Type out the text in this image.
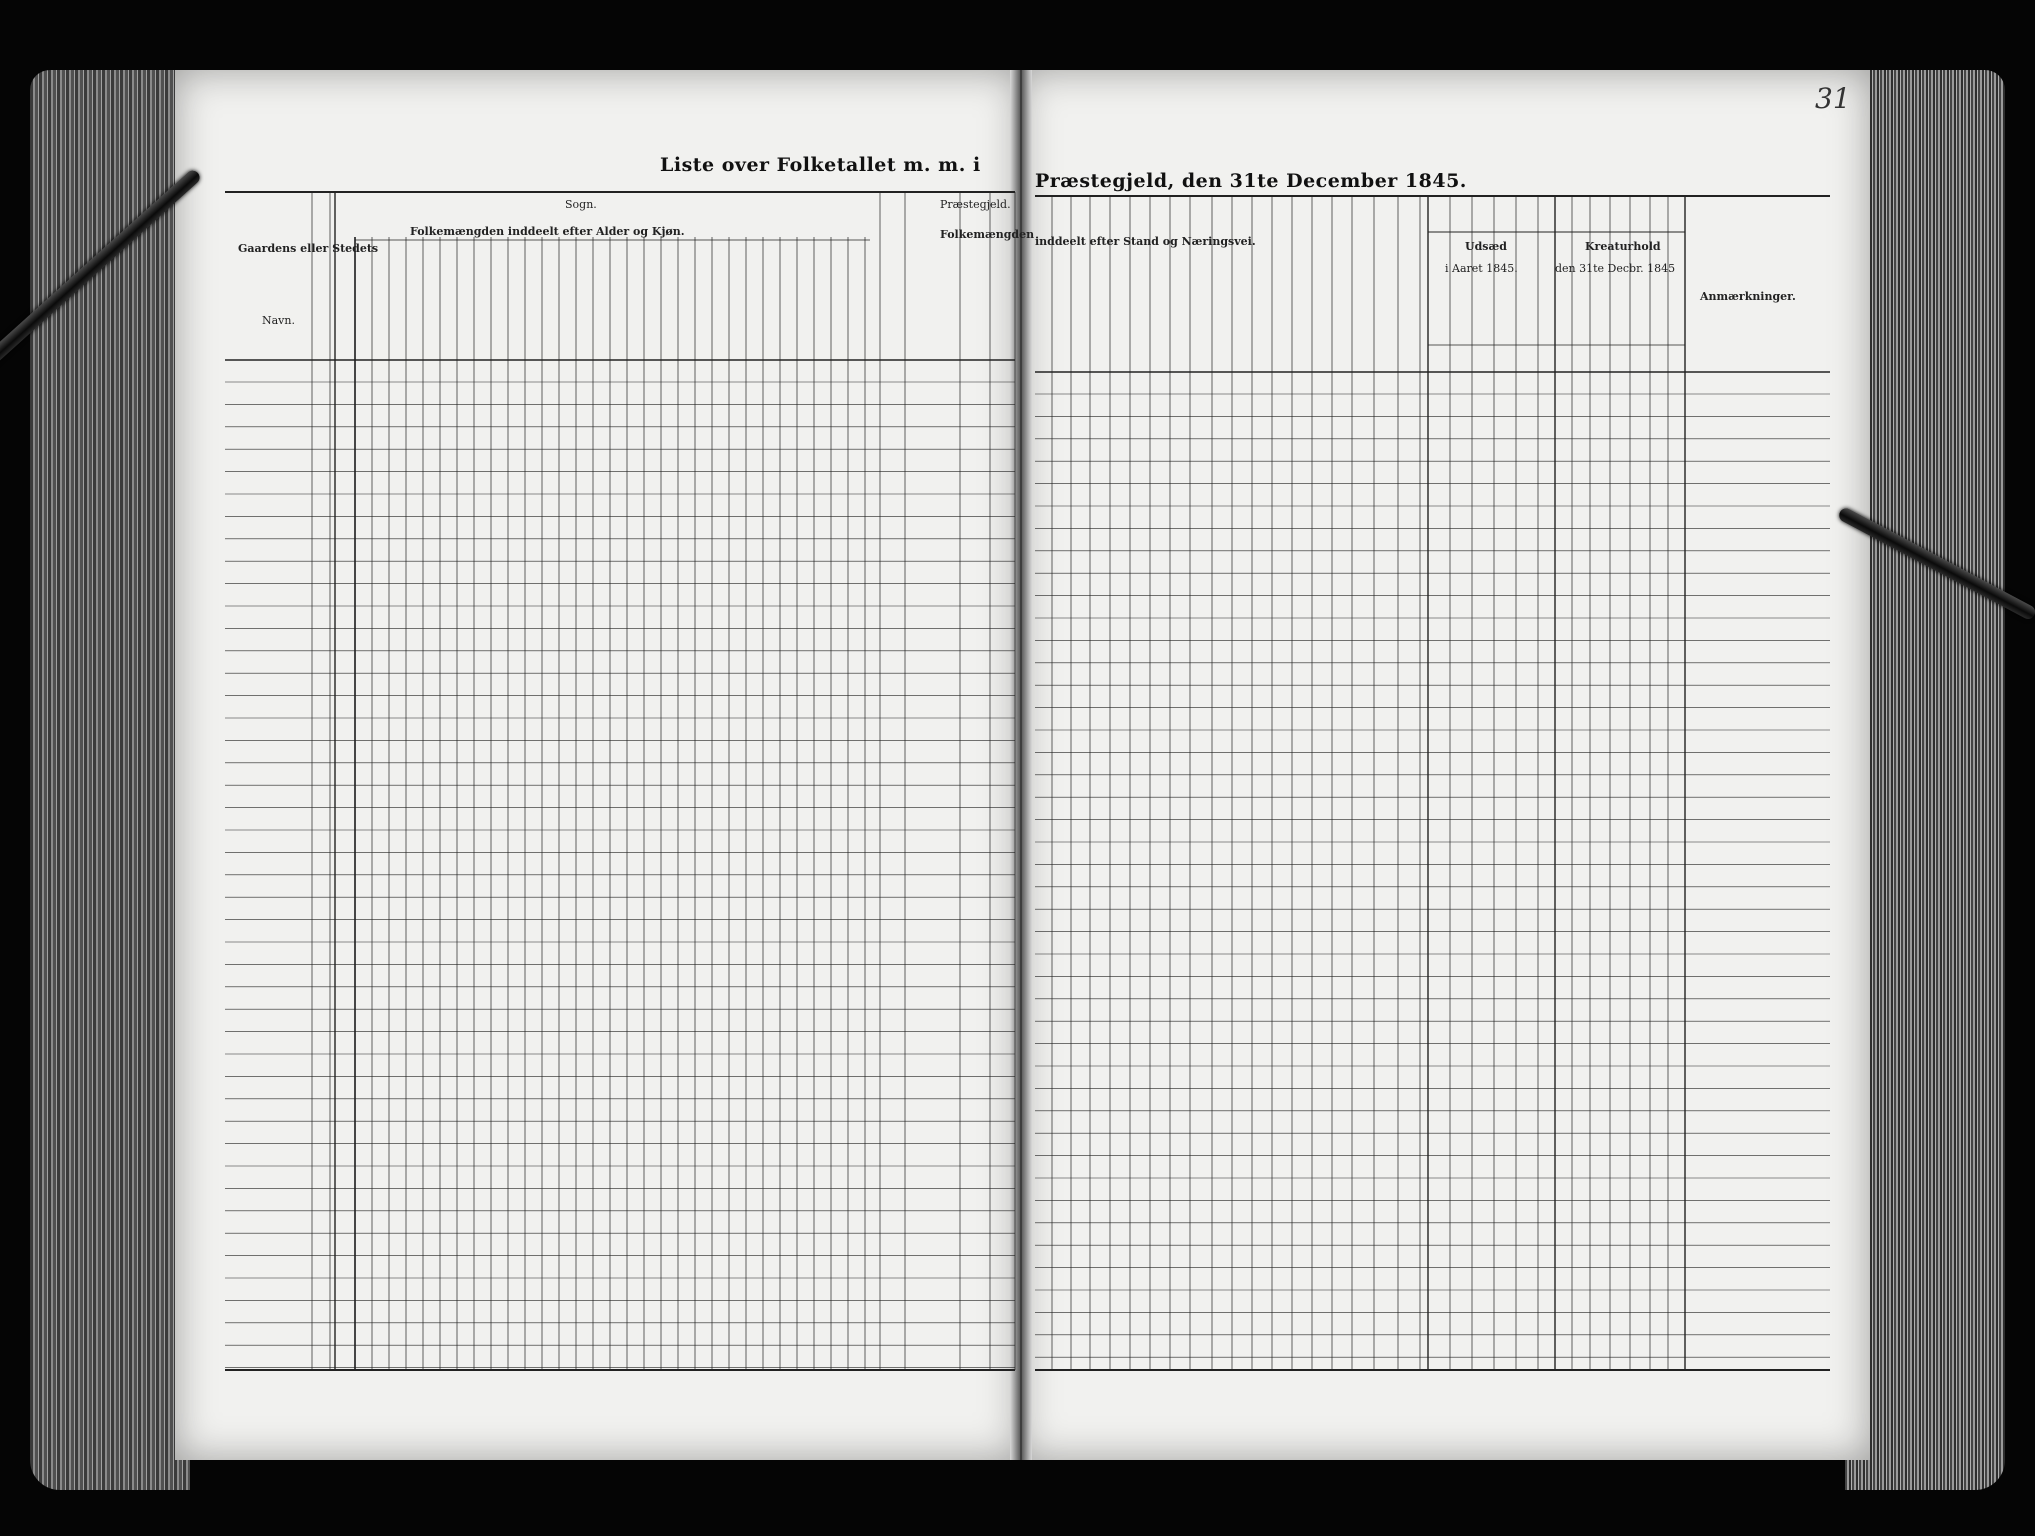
Liste over Folketallet m. m. i
Præstegjeld, den 31te December 1845.
Sogn.	Præstegjeld.
Gaardens eller Stedets
Navn.
Folkemængden inddeelt efter Alder og Kjøn.	Folkemængden
inddeelt efter Stand og Næringsvei.	Udsæd
i Aaret 1845.
Kreaturhold
den 31te Decbr. 1845
Anmærkninger.
31
